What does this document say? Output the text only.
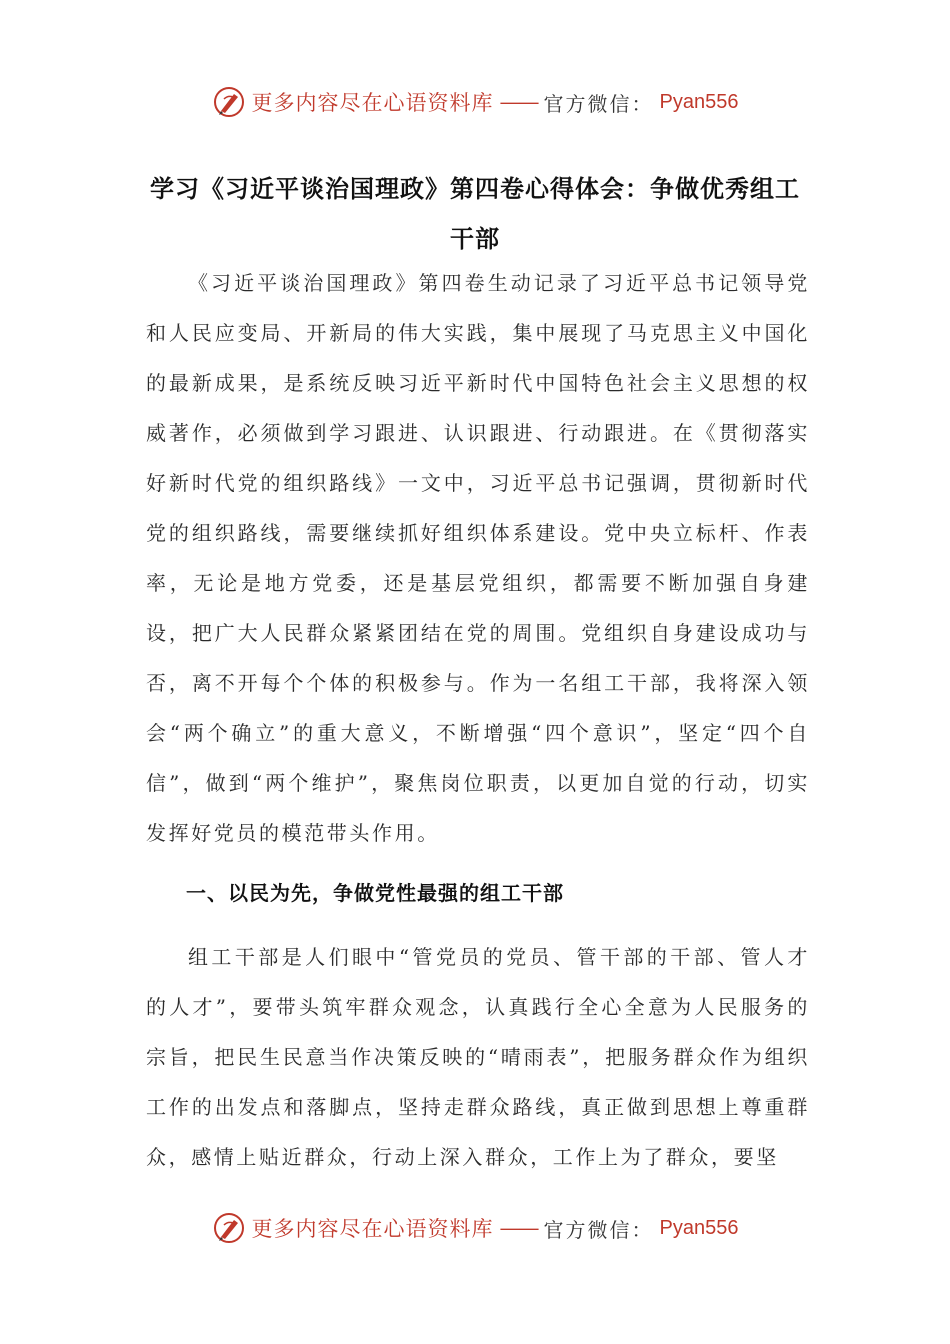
更多内容尽在心语资料库 —— 官方微信： Pyan556
学习《习近平谈治国理政》第四卷心得体会：争做优秀组工干部

《习近平谈治国理政》第四卷生动记录了习近平总书记领导党和人民应变局、开新局的伟大实践，集中展现了马克思主义中国化的最新成果，是系统反映习近平新时代中国特色社会主义思想的权威著作，必须做到学习跟进、认识跟进、行动跟进。在《贯彻落实好新时代党的组织路线》一文中，习近平总书记强调，贯彻新时代党的组织路线，需要继续抓好组织体系建设。党中央立标杆、作表率，无论是地方党委，还是基层党组织，都需要不断加强自身建设，把广大人民群众紧紧团结在党的周围。党组织自身建设成功与否，离不开每个个体的积极参与。作为一名组工干部，我将深入领会“两个确立”的重大意义，不断增强“四个意识”，坚定“四个自信”，做到“两个维护”，聚焦岗位职责，以更加自觉的行动，切实发挥好党员的模范带头作用。

一、以民为先，争做党性最强的组工干部

组工干部是人们眼中“管党员的党员、管干部的干部、管人才的人才”，要带头筑牢群众观念，认真践行全心全意为人民服务的宗旨，把民生民意当作决策反映的“晴雨表”，把服务群众作为组织工作的出发点和落脚点，坚持走群众路线，真正做到思想上尊重群众，感情上贴近群众，行动上深入群众，工作上为了群众，要坚

更多内容尽在心语资料库 —— 官方微信： Pyan556
